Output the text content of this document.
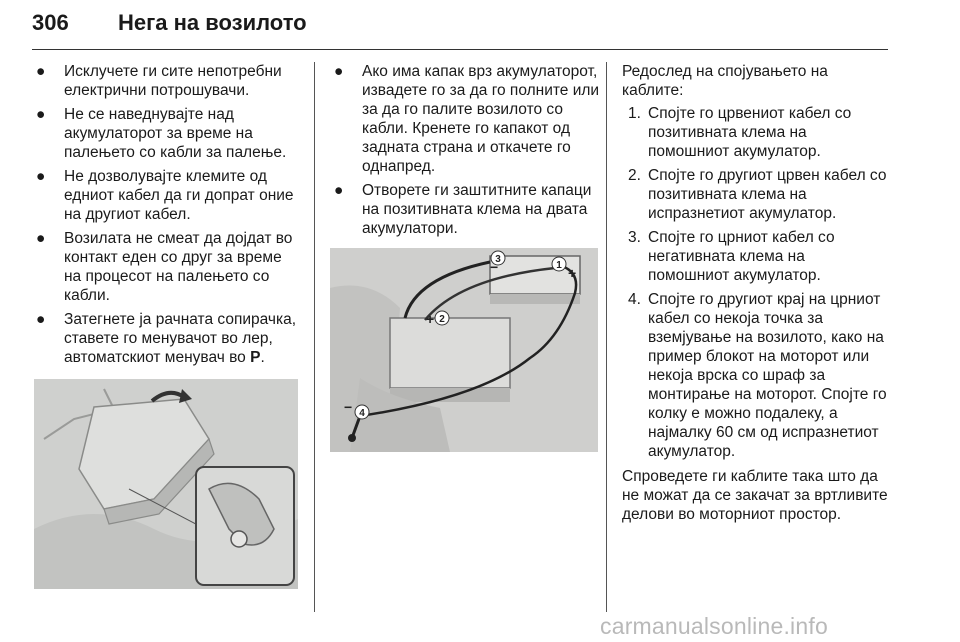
306 Нега на возилото
● Исклучете ги сите непотребни електрични потрошувачи.
● Не се наведнувајте над акумулаторот за време на палењето со кабли за палење.
● Не дозволувајте клемите од едниот кабел да ги допрат оние на другиот кабел.
● Возилата не смеат да дојдат во контакт еден со друг за време на процесот на палењето со кабли.
● Затегнете ја рачната сопирачка, ставете го менувачот во лер, автоматскиот менувач во P.
● Ако има капак врз акумулаторот, извадете го за да го полните или за да го палите возилото со кабли. Кренете го капакот од задната страна и откачете го однапред.
● Отворете ги заштитните капаци на позитивната клема на двата акумулатори.
1
2
3
4
+
+
−
−

Редослед на спојувањето на каблите:

1. Спојте го црвениот кабел со позитивната клема на помошниот акумулатор.
2. Спојте го другиот црвен кабел со позитивната клема на испразнетиот акумулатор.
3. Спојте го црниот кабел со негативната клема на помошниот акумулатор.
4. Спојте го другиот крај на црниот кабел со некоја точка за вземјување на возилото, како на пример блокот на моторот или некоја врска со шраф за монтирање на моторот. Спојте го колку е можно подалеку, а најмалку 60 см од испразнетиот акумулатор.

Спроведете ги каблите така што да не можат да се закачат за вртливите делови во моторниот простор.

carmanualsonline.info
